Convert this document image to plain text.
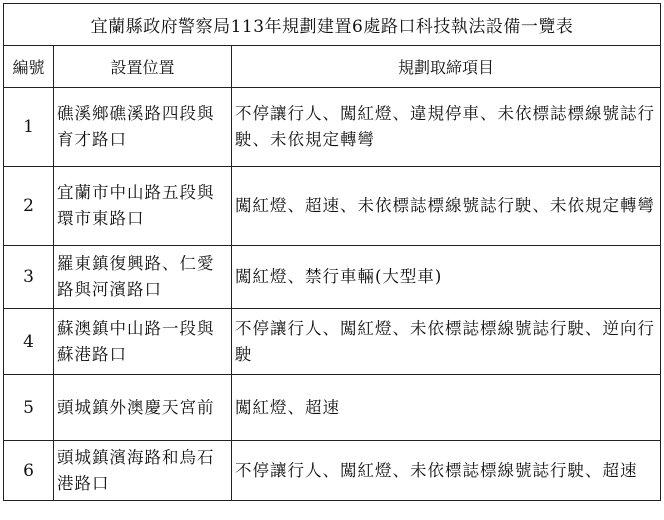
宜蘭縣政府警察局113年規劃建置6處路口科技執法設備一覽表		
編號	設置位置	規劃取締項目
1	礁溪鄉礁溪路四段與育才路口	不停讓行人、闖紅燈、違規停車、未依標誌標線號誌行駛、未依規定轉彎
2	宜蘭市中山路五段與環市東路口	闖紅燈、超速、未依標誌標線號誌行駛、未依規定轉彎
3	羅東鎮復興路、仁愛路與河濱路口	闖紅燈、禁行車輛(大型車)
4	蘇澳鎮中山路一段與蘇港路口	不停讓行人、闖紅燈、未依標誌標線號誌行駛、逆向行駛
5	頭城鎮外澳慶天宮前	闖紅燈、超速
6	頭城鎮濱海路和烏石港路口	不停讓行人、闖紅燈、未依標誌標線號誌行駛、超速
